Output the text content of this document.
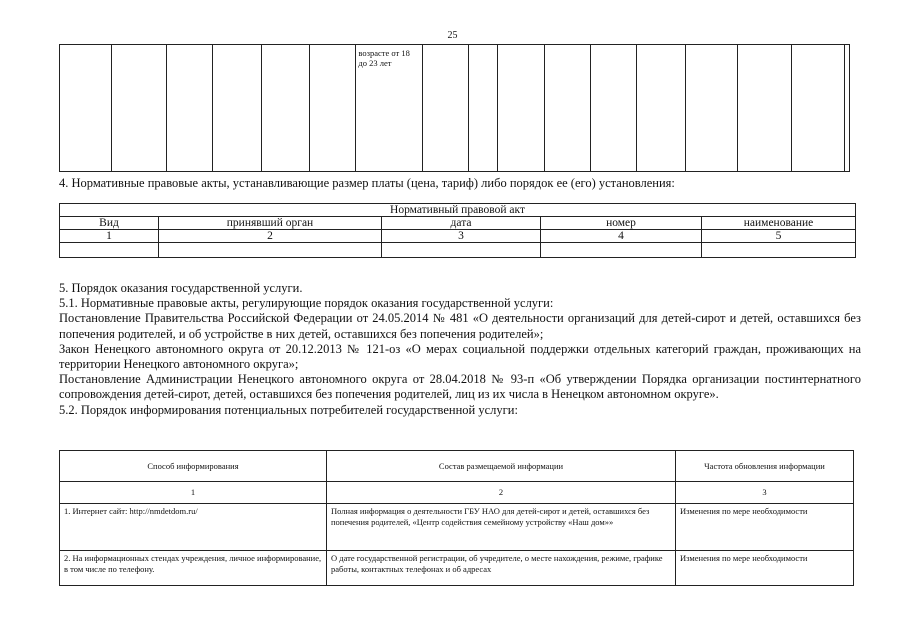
25
						возрасте от 18 до 23 лет										
4. Нормативные правовые акты, устанавливающие размер платы (цена, тариф) либо порядок ее (его) установления:
Нормативный правовой акт				
Вид	принявший орган	дата	номер	наименование
1	2	3	4	5

5. Порядок оказания государственной услуги.

5.1. Нормативные правовые акты, регулирующие порядок оказания государственной услуги:

Постановление Правительства Российской Федерации от 24.05.2014 № 481 «О деятельности организаций для детей-сирот и детей, оставшихся без попечения родителей, и об устройстве в них детей, оставшихся без попечения родителей»;

Закон Ненецкого автономного округа от 20.12.2013 № 121-оз «О мерах социальной поддержки отдельных категорий граждан, проживающих на территории Ненецкого автономного округа»;

Постановление Администрации Ненецкого автономного округа от 28.04.2018 № 93-п «Об утверждении Порядка организации постинтернатного сопровождения детей-сирот, детей, оставшихся без попечения родителей, лиц из их числа в Ненецком автономном округе».

5.2. Порядок информирования потенциальных потребителей государственной услуги:

Способ информирования	Состав размещаемой информации	Частота обновления информации
1	2	3
1. Интернет сайт: http://nmdetdom.ru/	Полная информация о деятельности ГБУ НАО для детей-сирот и детей, оставшихся без попечения родителей, «Центр содействия семейному устройству «Наш дом»»	Изменения по мере необходимости
2. На информационных стендах учреждения, личное информирование, в том числе по телефону.	О дате государственной регистрации, об учредителе, о месте нахождения, режиме, графике работы, контактных телефонах и об адресах	Изменения по мере необходимости
